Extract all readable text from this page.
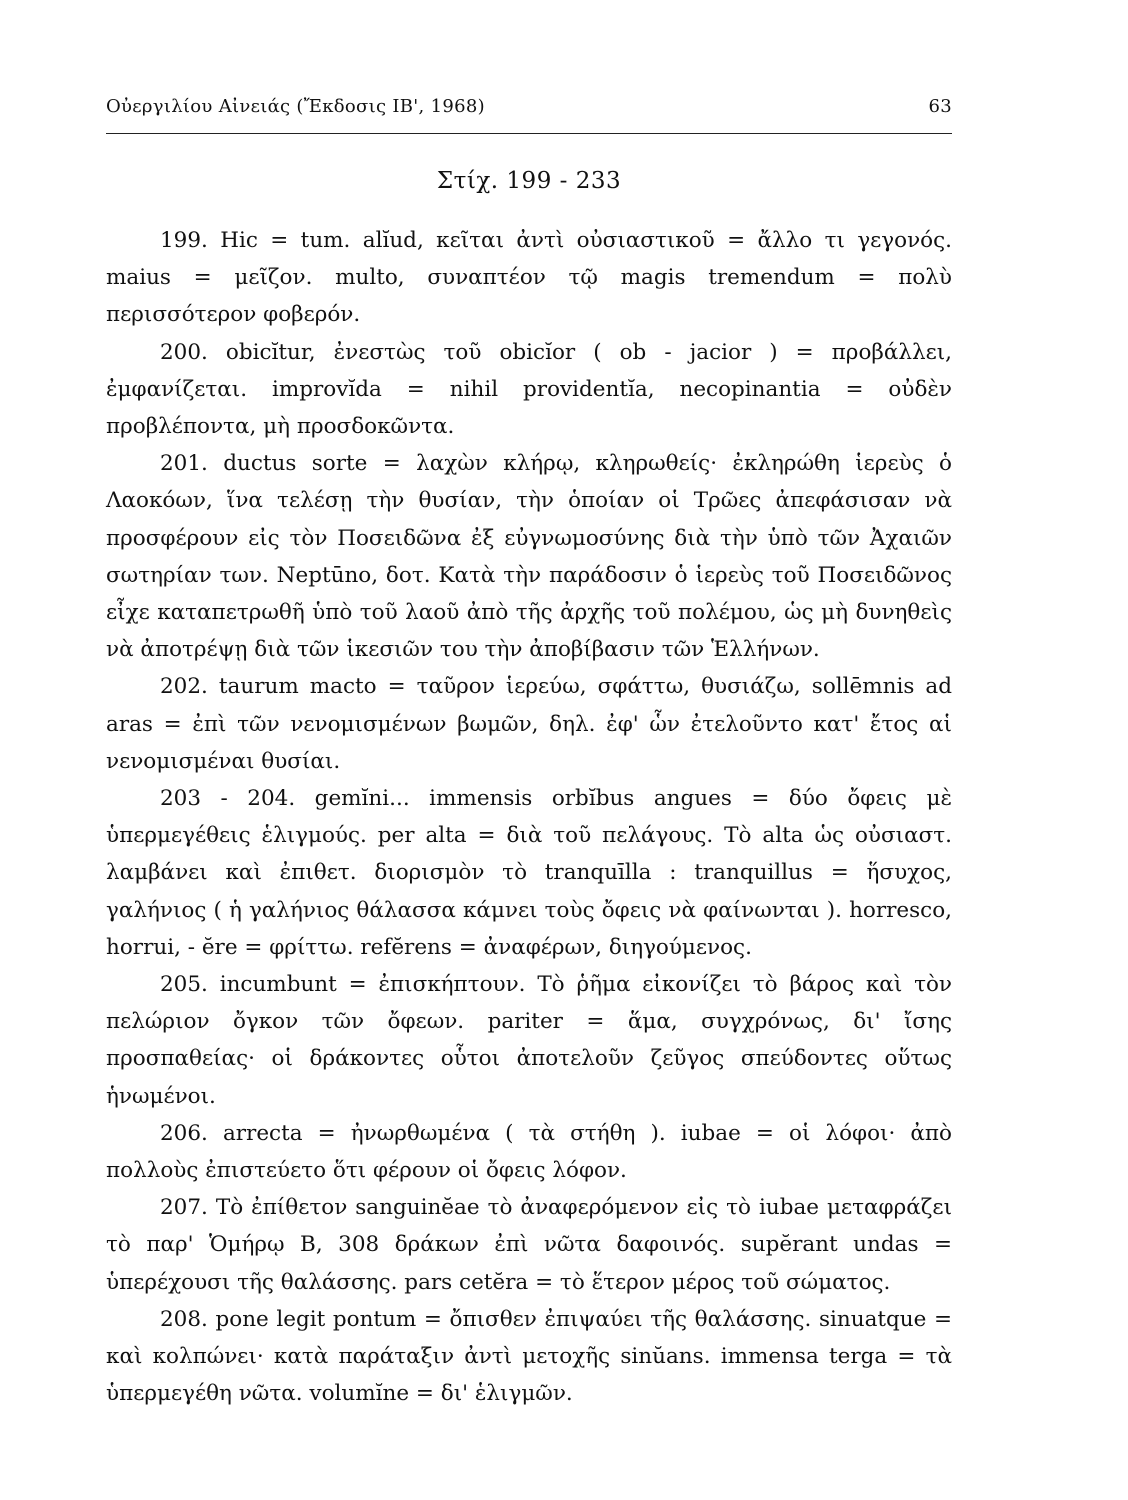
Οὐεργιλίου Αἰνειάς (Ἔκδοσις ΙΒ', 1968)	63
Στίχ. 199 - 233

199. Hic = tum. alĭud, κεῖται ἀντὶ οὐσιαστικοῦ = ἄλλο τι γεγονός. maius = μεῖζον. multo, συναπτέον τῷ magis tremendum = πολὺ περισσότερον φοβερόν.

200. obicĭtur, ἐνεστὼς τοῦ obicĭor ( ob - jacior ) = προβάλλει, ἐμφανίζεται. improvĭda = nihil providentĭa, necopinantia = οὐδὲν προβλέποντα, μὴ προσδοκῶντα.

201. ductus sorte = λαχὼν κλήρῳ, κληρωθείς· ἐκληρώθη ἱερεὺς ὁ Λαοκόων, ἵνα τελέσῃ τὴν θυσίαν, τὴν ὁποίαν οἱ Τρῶες ἀπεφάσισαν νὰ προσφέρουν εἰς τὸν Ποσειδῶνα ἐξ εὐγνωμοσύνης διὰ τὴν ὑπὸ τῶν Ἀχαιῶν σωτηρίαν των. Neptūno, δοτ. Κατὰ τὴν παράδοσιν ὁ ἱερεὺς τοῦ Ποσειδῶνος εἶχε καταπετρωθῆ ὑπὸ τοῦ λαοῦ ἀπὸ τῆς ἀρχῆς τοῦ πολέμου, ὡς μὴ δυνηθεὶς νὰ ἀποτρέψῃ διὰ τῶν ἱκεσιῶν του τὴν ἀποβίβασιν τῶν Ἑλλήνων.

202. taurum macto = ταῦρον ἱερεύω, σφάττω, θυσιάζω, sollēmnis ad aras = ἐπὶ τῶν νενομισμένων βωμῶν, δηλ. ἐφ' ὧν ἐτελοῦντο κατ' ἔτος αἱ νενομισμέναι θυσίαι.

203 - 204. gemĭni... immensis orbĭbus angues = δύο ὄφεις μὲ ὑπερμεγέθεις ἑλιγμούς. per alta = διὰ τοῦ πελάγους. Τὸ alta ὡς οὐσιαστ. λαμβάνει καὶ ἐπιθετ. διορισμὸν τὸ tranquīlla : tranquillus = ἥσυχος, γαλήνιος ( ἡ γαλήνιος θάλασσα κάμνει τοὺς ὄφεις νὰ φαίνωνται ). horresco, horrui, - ĕre = φρίττω. refĕrens = ἀναφέρων, διηγούμενος.

205. incumbunt = ἐπισκήπτουν. Τὸ ῥῆμα εἰκονίζει τὸ βάρος καὶ τὸν πελώριον ὄγκον τῶν ὄφεων. pariter = ἅμα, συγχρόνως, δι' ἴσης προσπαθείας· οἱ δράκοντες οὗτοι ἀποτελοῦν ζεῦγος σπεύδοντες οὕτως ἡνωμένοι.

206. arrecta = ἠνωρθωμένα ( τὰ στήθη ). iubae = οἱ λόφοι· ἀπὸ πολλοὺς ἐπιστεύετο ὅτι φέρουν οἱ ὄφεις λόφον.

207. Τὸ ἐπίθετον sanguinĕae τὸ ἀναφερόμενον εἰς τὸ iubae μεταφράζει τὸ παρ' Ὁμήρῳ Β, 308 δράκων ἐπὶ νῶτα δαφοινός. supĕrant undas = ὑπερέχουσι τῆς θαλάσσης. pars cetĕra = τὸ ἕτερον μέρος τοῦ σώματος.

208. pone legit pontum = ὄπισθεν ἐπιψαύει τῆς θαλάσσης. sinuatque = καὶ κολπώνει· κατὰ παράταξιν ἀντὶ μετοχῆς sinŭans. immensa terga = τὰ ὑπερμεγέθη νῶτα. volumĭne = δι' ἑλιγμῶν.
